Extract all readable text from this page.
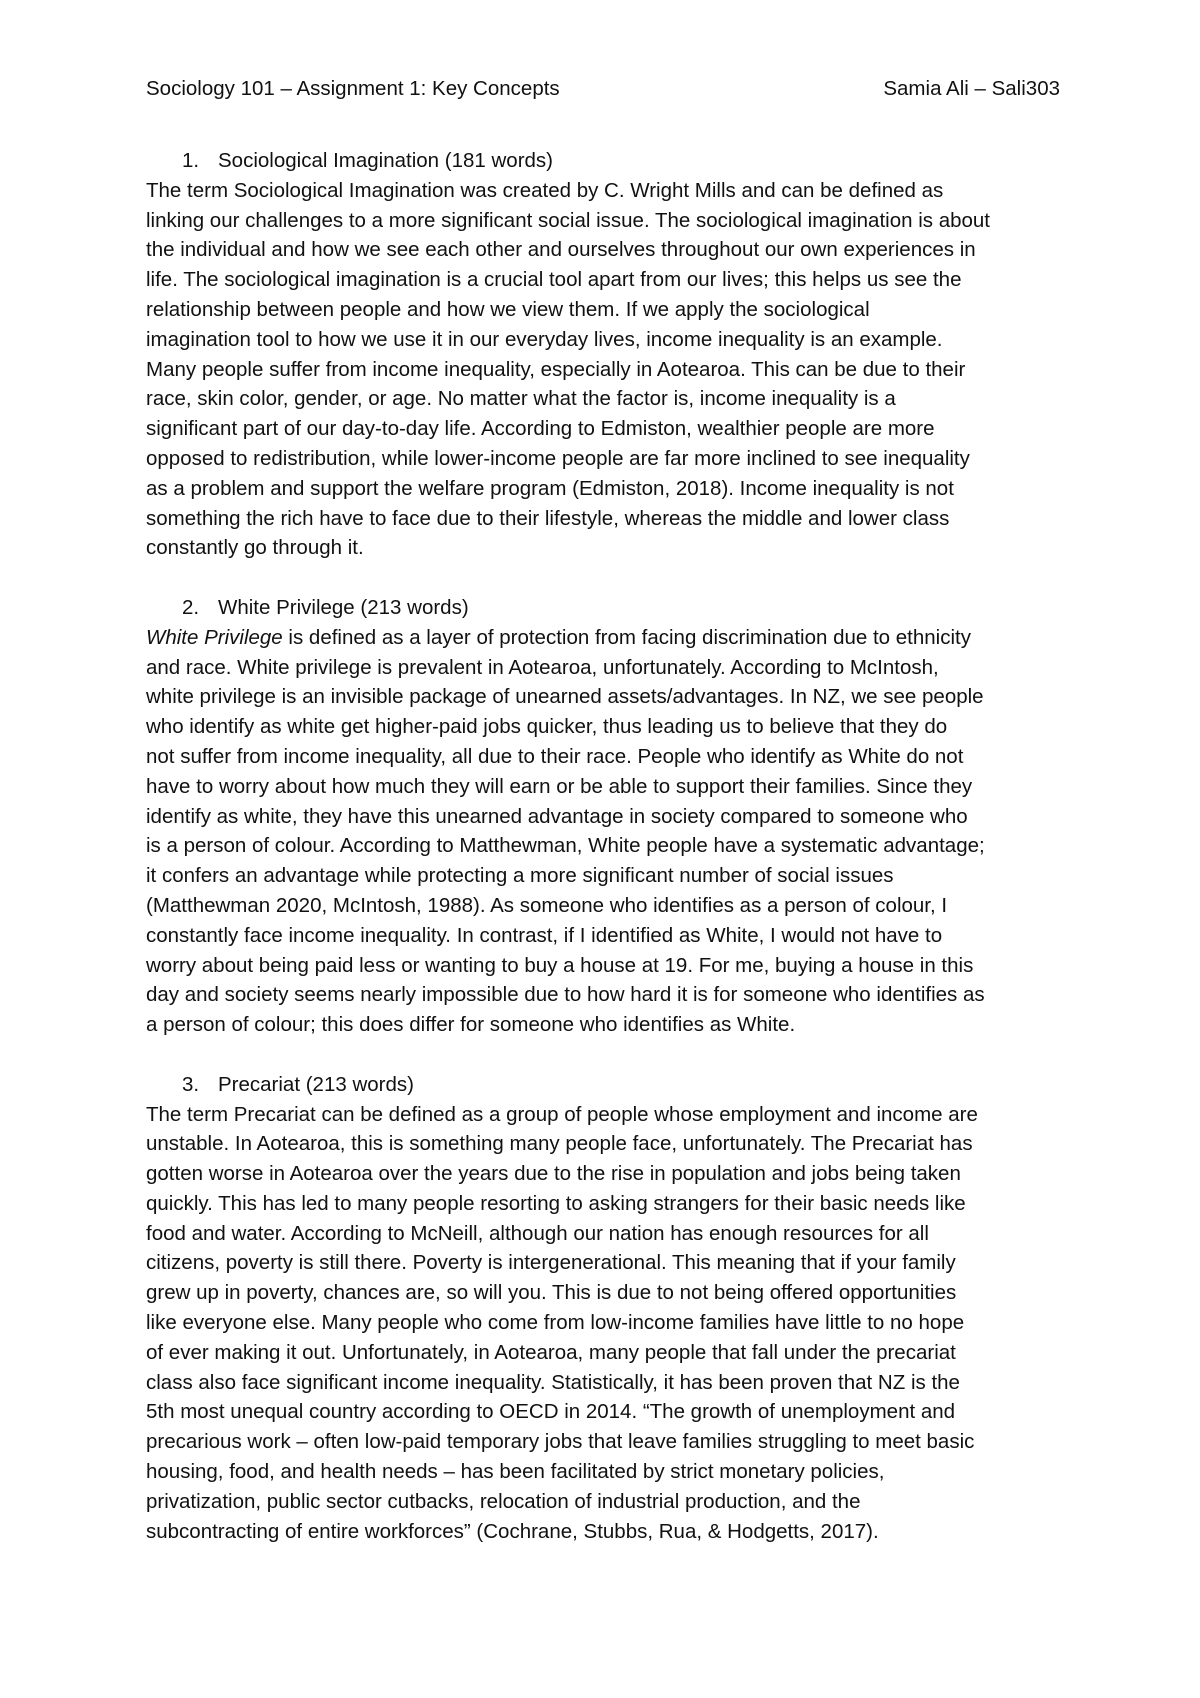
Sociology 101 – Assignment 1: Key Concepts	Samia Ali – Sali303
1. Sociological Imagination (181 words)
The term Sociological Imagination was created by C. Wright Mills and can be defined as
linking our challenges to a more significant social issue. The sociological imagination is about
the individual and how we see each other and ourselves throughout our own experiences in
life. The sociological imagination is a crucial tool apart from our lives; this helps us see the
relationship between people and how we view them. If we apply the sociological
imagination tool to how we use it in our everyday lives, income inequality is an example.
Many people suffer from income inequality, especially in Aotearoa. This can be due to their
race, skin color, gender, or age. No matter what the factor is, income inequality is a
significant part of our day-to-day life. According to Edmiston, wealthier people are more
opposed to redistribution, while lower-income people are far more inclined to see inequality
as a problem and support the welfare program (Edmiston, 2018). Income inequality is not
something the rich have to face due to their lifestyle, whereas the middle and lower class
constantly go through it.
2. White Privilege (213 words)
White Privilege is defined as a layer of protection from facing discrimination due to ethnicity
and race. White privilege is prevalent in Aotearoa, unfortunately. According to McIntosh,
white privilege is an invisible package of unearned assets/advantages. In NZ, we see people
who identify as white get higher-paid jobs quicker, thus leading us to believe that they do
not suffer from income inequality, all due to their race. People who identify as White do not
have to worry about how much they will earn or be able to support their families. Since they
identify as white, they have this unearned advantage in society compared to someone who
is a person of colour. According to Matthewman, White people have a systematic advantage;
it confers an advantage while protecting a more significant number of social issues
(Matthewman 2020, McIntosh, 1988). As someone who identifies as a person of colour, I
constantly face income inequality. In contrast, if I identified as White, I would not have to
worry about being paid less or wanting to buy a house at 19. For me, buying a house in this
day and society seems nearly impossible due to how hard it is for someone who identifies as
a person of colour; this does differ for someone who identifies as White.
3. Precariat (213 words)
The term Precariat can be defined as a group of people whose employment and income are
unstable. In Aotearoa, this is something many people face, unfortunately. The Precariat has
gotten worse in Aotearoa over the years due to the rise in population and jobs being taken
quickly. This has led to many people resorting to asking strangers for their basic needs like
food and water. According to McNeill, although our nation has enough resources for all
citizens, poverty is still there. Poverty is intergenerational. This meaning that if your family
grew up in poverty, chances are, so will you. This is due to not being offered opportunities
like everyone else. Many people who come from low-income families have little to no hope
of ever making it out. Unfortunately, in Aotearoa, many people that fall under the precariat
class also face significant income inequality. Statistically, it has been proven that NZ is the
5th most unequal country according to OECD in 2014. “The growth of unemployment and
precarious work – often low-paid temporary jobs that leave families struggling to meet basic
housing, food, and health needs – has been facilitated by strict monetary policies,
privatization, public sector cutbacks, relocation of industrial production, and the
subcontracting of entire workforces” (Cochrane, Stubbs, Rua, & Hodgetts, 2017).
